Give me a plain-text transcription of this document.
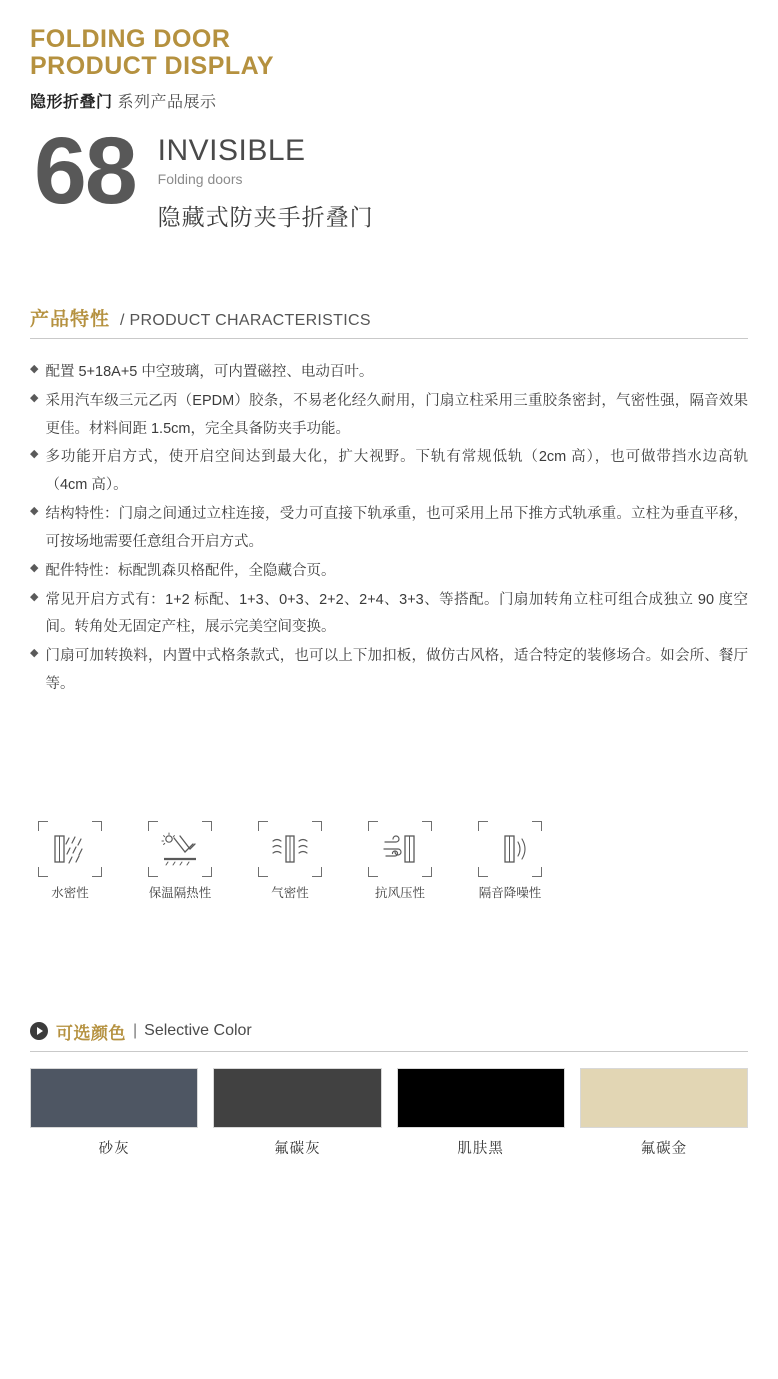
FOLDING DOOR
PRODUCT DISPLAY
隐形折叠门 系列产品展示
68 INVISIBLE
Folding doors
隐藏式防夹手折叠门
产品特性 / PRODUCT CHARACTERISTICS
◆ 配置 5+18A+5 中空玻璃，可内置磁控、电动百叶。
◆ 采用汽车级三元乙丙（EPDM）胶条，不易老化经久耐用，门扇立柱采用三重胶条密封，气密性强，隔音效果更佳。材料间距 1.5cm，完全具备防夹手功能。
◆ 多功能开启方式，使开启空间达到最大化，扩大视野。下轨有常规低轨（2cm 高），也可做带挡水边高轨（4cm 高）。
◆ 结构特性：门扇之间通过立柱连接，受力可直接下轨承重，也可采用上吊下推方式轨承重。立柱为垂直平移，可按场地需要任意组合开启方式。
◆ 配件特性：标配凯森贝格配件，全隐藏合页。
◆ 常见开启方式有：1+2 标配、1+3、0+3、2+2、2+4、3+3、等搭配。门扇加转角立柱可组合成独立 90 度空间。转角处无固定产柱，展示完美空间变换。
◆ 门扇可加转换料，内置中式格条款式，也可以上下加扣板，做仿古风格，适合特定的装修场合。如会所、餐厅等。
水密性	保温隔热性	气密性	抗风压性	隔音降噪性
可选颜色 | Selective Color
砂灰	氟碳灰	肌肤黑	氟碳金
